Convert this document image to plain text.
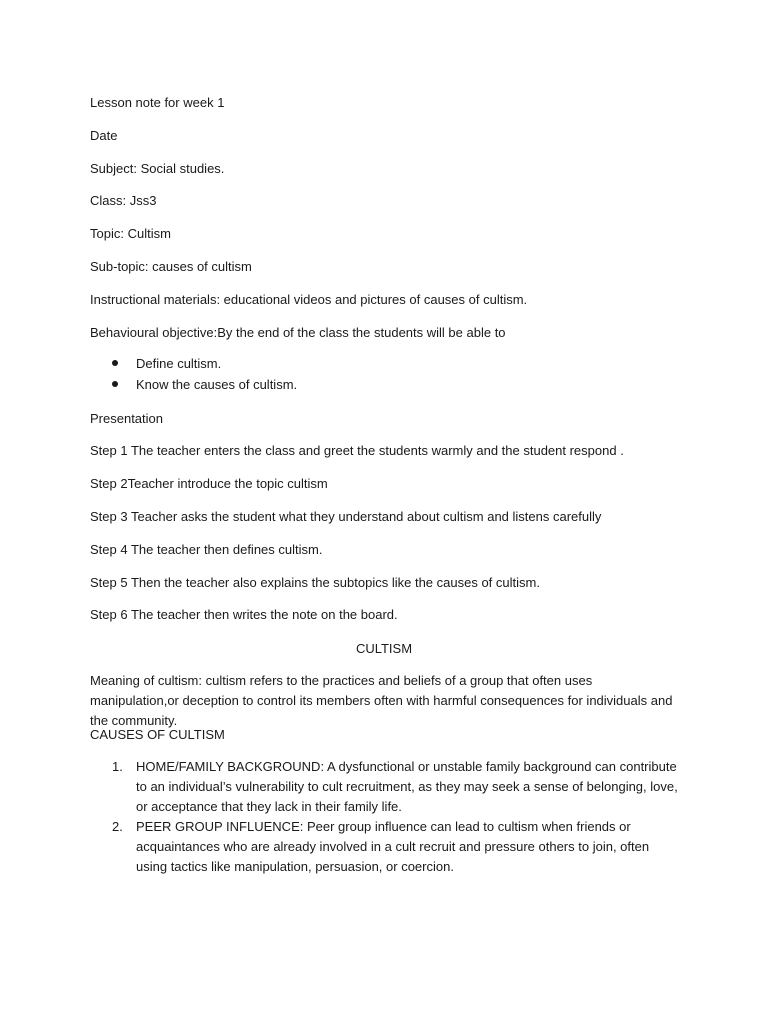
Lesson note for week 1
Date
Subject: Social studies.
Class: Jss3
Topic: Cultism
Sub-topic: causes of cultism
Instructional materials: educational videos and pictures of causes of cultism.
Behavioural objective:By the end of the class the students will be able to
Define cultism.
Know the causes of cultism.
Presentation
Step 1 The teacher enters the class and greet the students warmly and the student respond .
Step 2Teacher introduce the topic cultism
Step 3 Teacher asks the student what they understand about cultism and listens carefully
Step 4 The teacher then defines cultism.
Step 5 Then the teacher also explains the subtopics like the causes of cultism.
Step 6 The teacher then writes the note on the board.
CULTISM
Meaning of cultism: cultism refers to the practices and beliefs of a group that often uses manipulation,or deception to control its members often with harmful consequences for individuals and the community.
CAUSES OF CULTISM
1. HOME/FAMILY BACKGROUND: A dysfunctional or unstable family background can contribute to an individual’s vulnerability to cult recruitment, as they may seek a sense of belonging, love, or acceptance that they lack in their family life.
2. PEER GROUP INFLUENCE: Peer group influence can lead to cultism when friends or acquaintances who are already involved in a cult recruit and pressure others to join, often using tactics like manipulation, persuasion, or coercion.
